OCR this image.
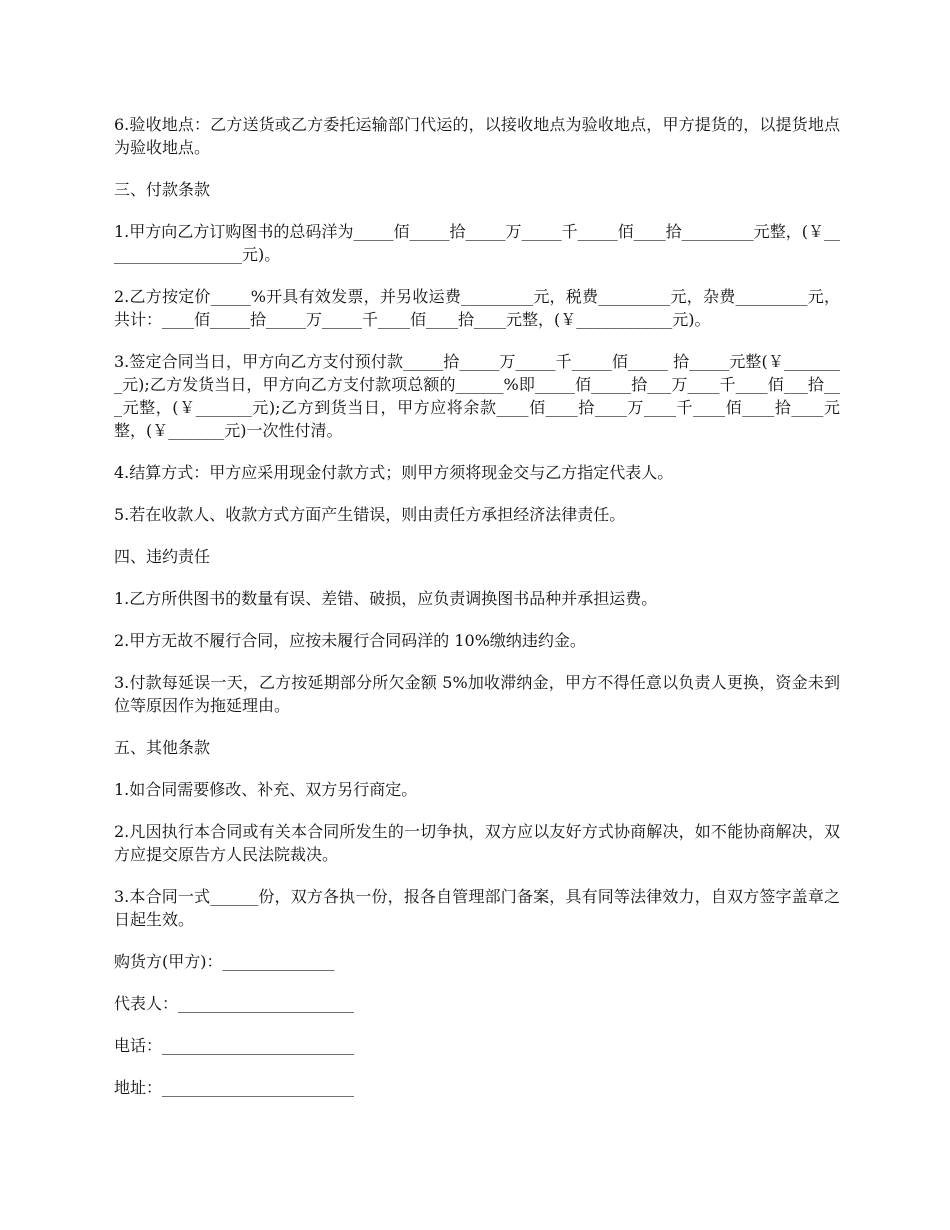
6.验收地点：乙方送货或乙方委托运输部门代运的，以接收地点为验收地点，甲方提货的，以提货地点为验收地点。

三、付款条款

1.甲方向乙方订购图书的总码洋为_____佰_____拾_____万_____千_____佰____拾_________元整，(￥__________________元)。

2.乙方按定价_____%开具有效发票，并另收运费_________元，税费_________元，杂费_________元，共计：____佰_____拾_____万_____千____佰____拾____元整，(￥____________元)。

3.签定合同当日，甲方向乙方支付预付款_____拾_____万_____千_____佰_____ 拾_____元整(￥________元);乙方发货当日，甲方向乙方支付款项总额的______%即_____佰_____拾___万____千____佰___拾___元整，(￥_______元);乙方到货当日，甲方应将余款____佰____拾____万____千____佰____拾____元整，(￥_______元)一次性付清。

4.结算方式：甲方应采用现金付款方式；则甲方须将现金交与乙方指定代表人。

5.若在收款人、收款方式方面产生错误，则由责任方承担经济法律责任。

四、违约责任

1.乙方所供图书的数量有误、差错、破损，应负责调换图书品种并承担运费。

2.甲方无故不履行合同，应按未履行合同码洋的 10%缴纳违约金。

3.付款每延误一天，乙方按延期部分所欠金额 5%加收滞纳金，甲方不得任意以负责人更换，资金未到位等原因作为拖延理由。

五、其他条款

1.如合同需要修改、补充、双方另行商定。

2.凡因执行本合同或有关本合同所发生的一切争执，双方应以友好方式协商解决，如不能协商解决，双方应提交原告方人民法院裁决。

3.本合同一式______份，双方各执一份，报各自管理部门备案，具有同等法律效力，自双方签字盖章之日起生效。

购货方(甲方)：______________

代表人：______________________

电话：________________________

地址：________________________
